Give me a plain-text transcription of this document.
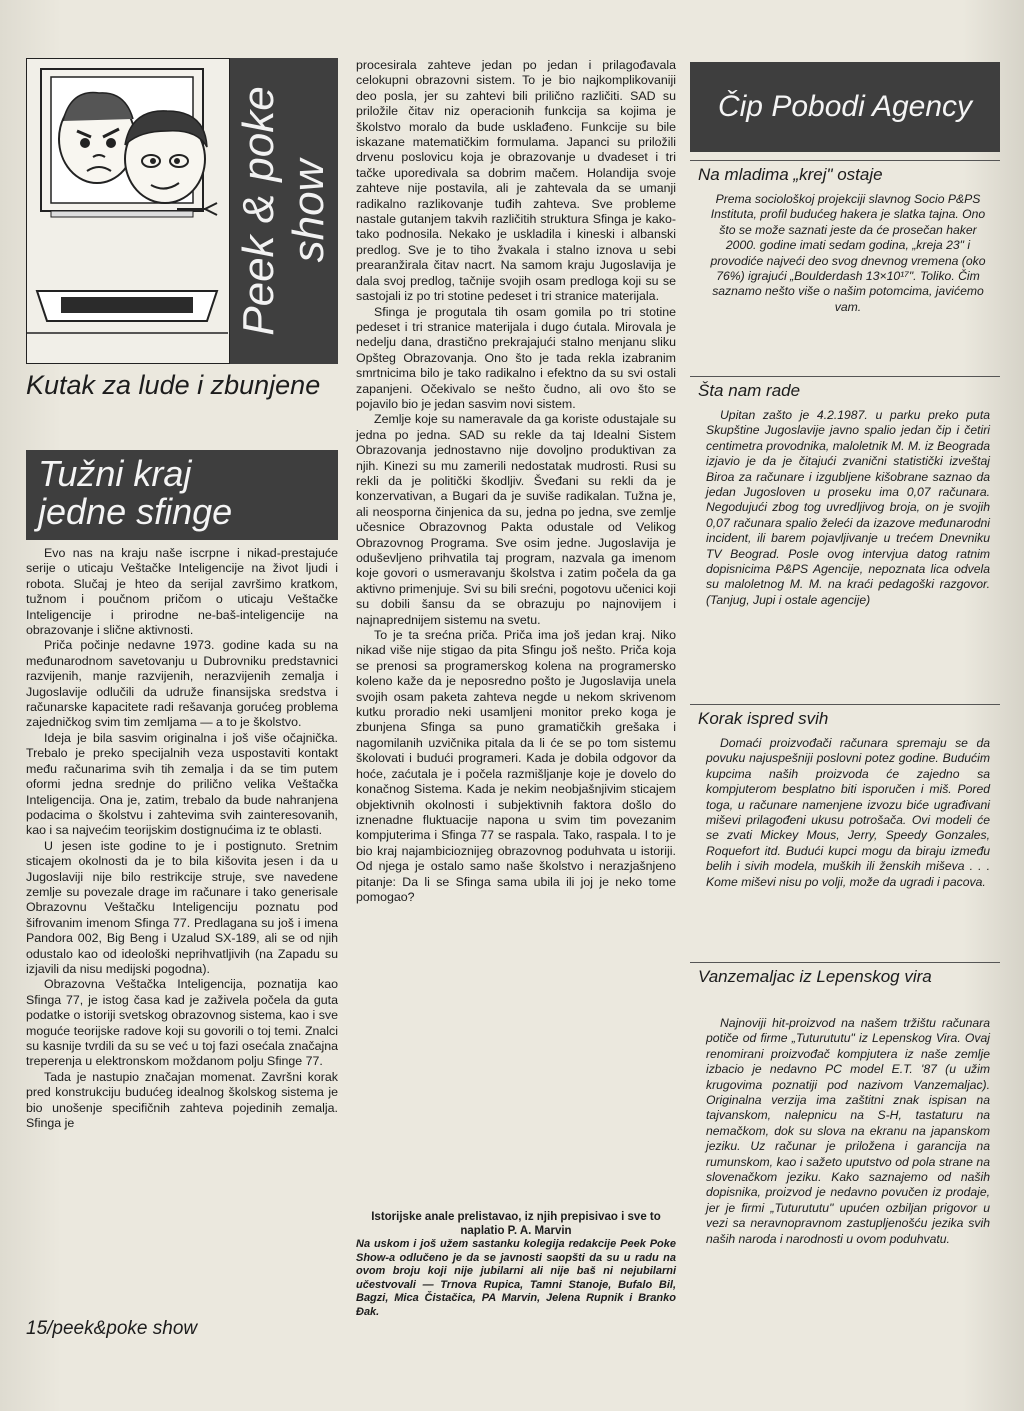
Peek & poke show
Kutak za lude i zbunjene
Tužni kraj
jedne sfinge

Evo nas na kraju naše iscrpne i nikad-prestajuće serije o uticaju Veštačke Inteligencije na život ljudi i robota. Slučaj je hteo da serijal završimo kratkom, tužnom i poučnom pričom o uticaju Veštačke Inteligencije i prirodne ne-baš-inteligencije na obrazovanje i slične aktivnosti.

Priča počinje nedavne 1973. godine kada su na međunarodnom savetovanju u Dubrovniku predstavnici razvijenih, manje razvijenih, nerazvijenih zemalja i Jugoslavije odlučili da udruže finansijska sredstva i računarske kapacitete radi rešavanja gorućeg problema zajedničkog svim tim zemljama — a to je školstvo.

Ideja je bila sasvim originalna i još više očajnička. Trebalo je preko specijalnih veza uspostaviti kontakt među računarima svih tih zemalja i da se tim putem oformi jedna srednje do prilično velika Veštačka Inteligencija. Ona je, zatim, trebalo da bude nahranjena podacima o školstvu i zahtevima svih zainteresovanih, kao i sa najvećim teorijskim dostignućima iz te oblasti.

U jesen iste godine to je i postignuto. Sretnim sticajem okolnosti da je to bila kišovita jesen i da u Jugoslaviji nije bilo restrikcije struje, sve navedene zemlje su povezale drage im računare i tako generisale Obrazovnu Veštačku Inteligenciju poznatu pod šifrovanim imenom Sfinga 77. Predlagana su još i imena Pandora 002, Big Beng i Uzalud SX-189, ali se od njih odustalo kao od ideološki neprihvatljivih (na Zapadu su izjavili da nisu medijski pogodna).

Obrazovna Veštačka Inteligencija, poznatija kao Sfinga 77, je istog časa kad je zaživela počela da guta podatke o istoriji svetskog obrazovnog sistema, kao i sve moguće teorijske radove koji su govorili o toj temi. Znalci su kasnije tvrdili da su se već u toj fazi osećala značajna treperenja u elektronskom moždanom polju Sfinge 77.

Tada je nastupio značajan momenat. Završni korak pred konstrukciju budućeg idealnog školskog sistema je bio unošenje specifičnih zahteva pojedinih zemalja. Sfinga je

15/peek&poke show

procesirala zahteve jedan po jedan i prilagođavala celokupni obrazovni sistem. To je bio najkomplikovaniji deo posla, jer su zahtevi bili prilično različiti. SAD su priložile čitav niz operacionih funkcija sa kojima je školstvo moralo da bude usklađeno. Funkcije su bile iskazane matematičkim formulama. Japanci su priložili drvenu poslovicu koja je obrazovanje u dvadeset i tri tačke uporedivala sa dobrim mačem. Holandija svoje zahteve nije postavila, ali je zahtevala da se umanji radikalno razlikovanje tuđih zahteva. Sve probleme nastale gutanjem takvih različitih struktura Sfinga je kako-tako podnosila. Nekako je uskladila i kineski i albanski predlog. Sve je to tiho žvakala i stalno iznova u sebi prearanžirala čitav nacrt. Na samom kraju Jugoslavija je dala svoj predlog, tačnije svojih osam predloga koji su se sastojali iz po tri stotine pedeset i tri stranice materijala.

Sfinga je progutala tih osam gomila po tri stotine pedeset i tri stranice materijala i dugo ćutala. Mirovala je nedelju dana, drastično prekrajajući stalno menjanu sliku Opšteg Obrazovanja. Ono što je tada rekla izabranim smrtnicima bilo je tako radikalno i efektno da su svi ostali zapanjeni. Očekivalo se nešto čudno, ali ovo što se pojavilo bio je jedan sasvim novi sistem.

Zemlje koje su nameravale da ga koriste odustajale su jedna po jedna. SAD su rekle da taj Idealni Sistem Obrazovanja jednostavno nije dovoljno produktivan za njih. Kinezi su mu zamerili nedostatak mudrosti. Rusi su rekli da je politički škodljiv. Šveđani su rekli da je konzervativan, a Bugari da je suviše radikalan. Tužna je, ali neosporna činjenica da su, jedna po jedna, sve zemlje učesnice Obrazovnog Pakta odustale od Velikog Obrazovnog Programa. Sve osim jedne. Jugoslavija je oduševljeno prihvatila taj program, nazvala ga imenom koje govori o usmeravanju školstva i zatim počela da ga aktivno primenjuje. Svi su bili srećni, pogotovu učenici koji su dobili šansu da se obrazuju po najnovijem i najnaprednijem sistemu na svetu.

To je ta srećna priča. Priča ima još jedan kraj. Niko nikad više nije stigao da pita Sfingu još nešto. Priča koja se prenosi sa programerskog kolena na programersko koleno kaže da je neposredno pošto je Jugoslavija unela svojih osam paketa zahteva negde u nekom skrivenom kutku proradio neki usamljeni monitor preko koga je zbunjena Sfinga sa puno gramatičkih grešaka i nagomilanih uzvičnika pitala da li će se po tom sistemu školovati i budući programeri. Kada je dobila odgovor da hoće, zaćutala je i počela razmišljanje koje je dovelo do konačnog Sistema. Kada je nekim neobjašnjivim sticajem objektivnih okolnosti i subjektivnih faktora došlo do iznenadne fluktuacije napona u svim tim povezanim kompjuterima i Sfinga 77 se raspala. Tako, raspala. I to je bio kraj najambicioznijeg obrazovnog poduhvata u istoriji. Od njega je ostalo samo naše školstvo i nerazjašnjeno pitanje: Da li se Sfinga sama ubila ili joj je neko tome pomogao?

Istorijske anale prelistavao, iz njih prepisivao i sve to naplatio P. A. Marvin
Na uskom i još užem sastanku kolegija redakcije Peek Poke Show-a odlučeno je da se javnosti saopšti da su u radu na ovom broju koji nije jubilarni ali nije baš ni nejubilarni učestvovali — Trnova Rupica, Tamni Stanoje, Bufalo Bil, Bagzi, Mica Čistačica, PA Marvin, Jelena Rupnik i Branko Đak.
Čip Pobodi Agency
Na mladima „krej" ostaje

Prema sociološkoj projekciji slavnog Socio P&PS Instituta, profil budućeg hakera je slatka tajna. Ono što se može saznati jeste da će prosečan haker 2000. godine imati sedam godina, „kreja 23" i provodiće najveći deo svog dnevnog vremena (oko 76%) igrajući „Boulderdash 13×10¹⁷". Toliko. Čim saznamo nešto više o našim potomcima, javićemo vam.

Šta nam rade

Upitan zašto je 4.2.1987. u parku preko puta Skupštine Jugoslavije javno spalio jedan čip i četiri centimetra provodnika, maloletnik M. M. iz Beograda izjavio je da je čitajući zvanični statistički izveštaj Biroa za računare i izgubljene kišobrane saznao da jedan Jugosloven u proseku ima 0,07 računara. Negodujući zbog tog uvredljivog broja, on je svojih 0,07 računara spalio želeći da izazove međunarodni incident, ili barem pojavljivanje u trećem Dnevniku TV Beograd. Posle ovog intervjua datog ratnim dopisnicima P&PS Agencije, nepoznata lica odvela su maloletnog M. M. na kraći pedagoški razgovor. (Tanjug, Jupi i ostale agencije)

Korak ispred svih

Domaći proizvođači računara spremaju se da povuku najuspešniji poslovni potez godine. Budućim kupcima naših proizvoda će zajedno sa kompjuterom besplatno biti isporučen i miš. Pored toga, u računare namenjene izvozu biće ugrađivani miševi prilagođeni ukusu potrošača. Ovi modeli će se zvati Mickey Mous, Jerry, Speedy Gonzales, Roquefort itd. Budući kupci mogu da biraju između belih i sivih modela, muških ili ženskih miševa . . . Kome miševi nisu po volji, može da ugradi i pacova.

Vanzemaljac iz Lepenskog vira

Najnoviji hit-proizvod na našem tržištu računara potiče od firme „Tuturututu" iz Lepenskog Vira. Ovaj renomirani proizvođač kompjutera iz naše zemlje izbacio je nedavno PC model E.T. '87 (u užim krugovima poznatiji pod nazivom Vanzemaljac). Originalna verzija ima zaštitni znak ispisan na tajvanskom, nalepnicu na S-H, tastaturu na nemačkom, dok su slova na ekranu na japanskom jeziku. Uz računar je priložena i garanciја na rumunskom, kao i sažeto uputstvo od pola strane na slovenačkom jeziku. Kako saznajemo od naših dopisnika, proizvod je nedavno povučen iz prodaje, jer je firmi „Tuturututu" upućen ozbiljan prigovor u vezi sa neravnopravnom zastupljenošću jezika svih naših naroda i narodnosti u ovom poduhvatu.
